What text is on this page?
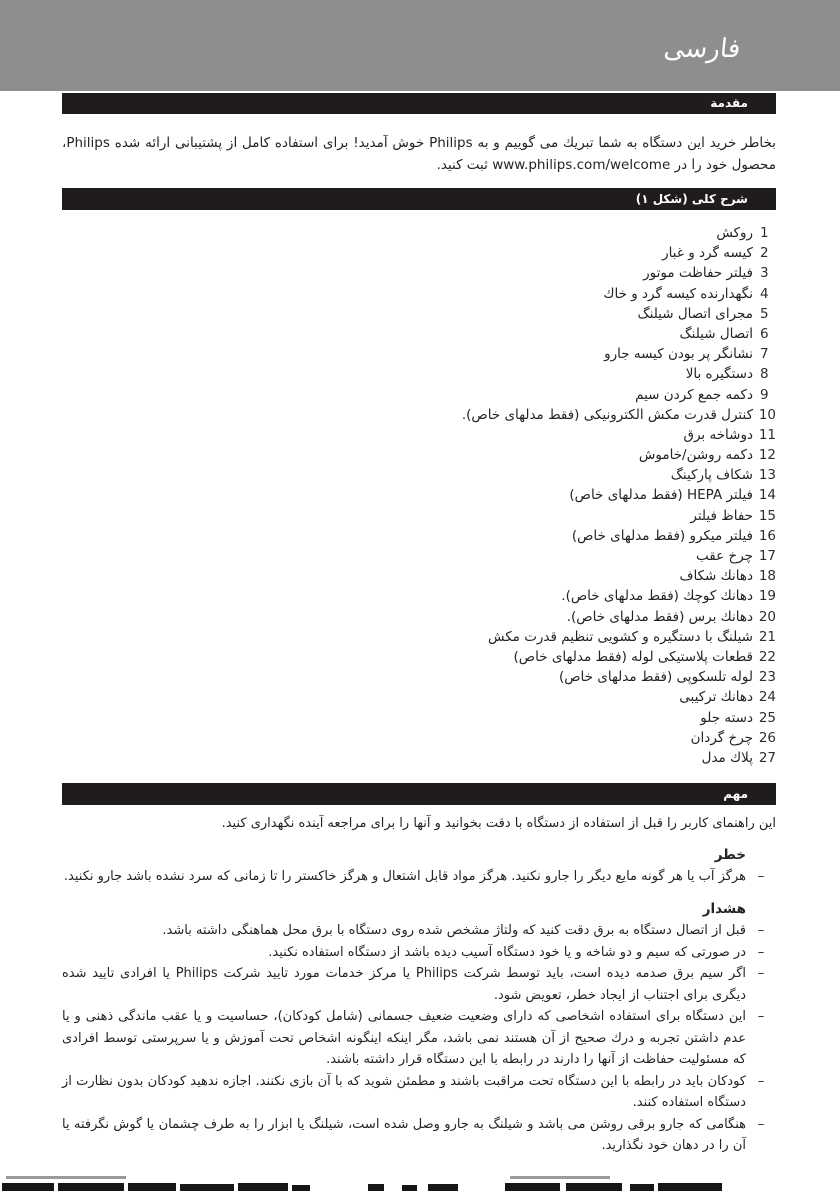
فارسی
مقدمة

بخاطر خرید این دستگاه به شما تبریك می گوییم و به Philips خوش آمدید! برای استفاده كامل از پشتیبانی ارائه شده Philips، محصول خود را در www.philips.com/welcome ثبت كنید.

شرح كلی (شكل ۱)
1
روكش
2
كیسه گرد و غبار
3
فیلتر حفاظت موتور
4
نگهدارنده كیسه گرد و خاك
5
مجرای اتصال شیلنگ
6
اتصال شیلنگ
7
نشانگر پر بودن كیسه جارو
8
دستگیره بالا
9
دكمه جمع كردن سیم
10
كنترل قدرت مكش الكترونیكی (فقط مدلهای خاص).
11
دوشاخه برق
12
دكمه روشن/خاموش
13
شكاف پاركینگ
14
فیلتر HEPA (فقط مدلهای خاص)
15
حفاظ فیلتر
16
فیلتر میكرو (فقط مدلهای خاص)
17
چرخ عقب
18
دهانك شكاف
19
دهانك كوچك (فقط مدلهای خاص).
20
دهانك برس (فقط مدلهای خاص).
21
شیلنگ با دستگیره و كشویی تنظیم قدرت مكش
22
قطعات پلاستیكی لوله (فقط مدلهای خاص)
23
لوله تلسكوپی (فقط مدلهای خاص)
24
دهانك تركیبی
25
دسته جلو
26
چرخ گردان
27
پلاك مدل
مهم

این راهنمای كاربر را قبل از استفاده از دستگاه با دقت بخوانید و آنها را برای مراجعه آینده نگهداری كنید.

خطر
–
هرگز آب یا هر گونه مایع دیگر را جارو نكنید. هرگز مواد قابل اشتعال و هرگز خاكستر را تا زمانی كه سرد نشده باشد جارو نكنید.
هشدار
–
قبل از اتصال دستگاه به برق دقت كنید كه ولتاژ مشخص شده روی دستگاه با برق محل هماهنگی داشته باشد.
–
در صورتی كه سیم و دو شاخه و یا خود دستگاه آسیب دیده باشد از دستگاه استفاده نكنید.
–
اگر سیم برق صدمه دیده است، باید توسط شركت Philips یا مركز خدمات مورد تایید شركت Philips یا افرادی تایید شده دیگری برای اجتناب از ایجاد خطر، تعویض شود.
–
این دستگاه برای استفاده اشخاصی كه دارای وضعیت ضعیف جسمانی (شامل كودكان)، حساسیت و یا عقب ماندگی ذهنی و یا عدم داشتن تجربه و درك صحیح از آن هستند نمی باشد، مگر اینكه اینگونه اشخاص تحت آموزش و یا سرپرستی توسط افرادی كه مسئولیت حفاظت از آنها را دارند در رابطه با این دستگاه قرار داشته باشند.
–
كودكان باید در رابطه با این دستگاه تحت مراقبت باشند و مطمئن شوید كه با آن بازی نكنند. اجازه ندهید كودكان بدون نظارت از دستگاه استفاده كنند.
–
هنگامی كه جارو برقی روشن می باشد و شیلنگ به جارو وصل شده است، شیلنگ یا ابزار را به طرف چشمان یا گوش نگرفته یا آن را در دهان خود نگذارید.
